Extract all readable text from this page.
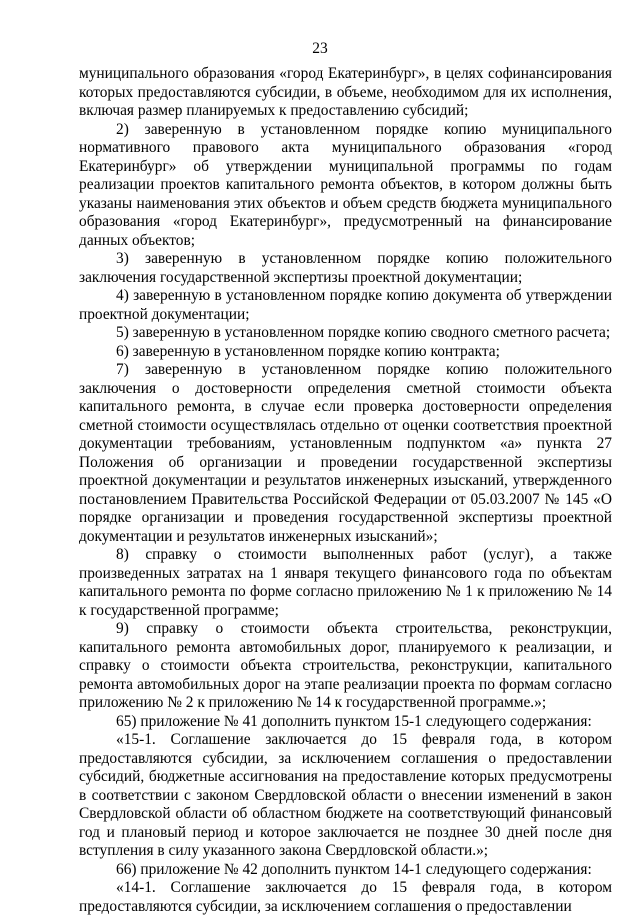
23

муниципального образования «город Екатеринбург», в целях софинансирования которых предоставляются субсидии, в объеме, необходимом для их исполнения, включая размер планируемых к предоставлению субсидий;

2) заверенную в установленном порядке копию муниципального нормативного правового акта муниципального образования «город Екатеринбург» об утверждении муниципальной программы по годам реализации проектов капитального ремонта объектов, в котором должны быть указаны наименования этих объектов и объем средств бюджета муниципального образования «город Екатеринбург», предусмотренный на финансирование данных объектов;

3) заверенную в установленном порядке копию положительного заключения государственной экспертизы проектной документации;

4) заверенную в установленном порядке копию документа об утверждении проектной документации;

5) заверенную в установленном порядке копию сводного сметного расчета;

6) заверенную в установленном порядке копию контракта;

7) заверенную в установленном порядке копию положительного заключения о достоверности определения сметной стоимости объекта капитального ремонта, в случае если проверка достоверности определения сметной стоимости осуществлялась отдельно от оценки соответствия проектной документации требованиям, установленным подпунктом «а» пункта 27 Положения об организации и проведении государственной экспертизы проектной документации и результатов инженерных изысканий, утвержденного постановлением Правительства Российской Федерации от 05.03.2007 № 145 «О порядке организации и проведения государственной экспертизы проектной документации и результатов инженерных изысканий»;

8) справку о стоимости выполненных работ (услуг), а также произведенных затратах на 1 января текущего финансового года по объектам капитального ремонта по форме согласно приложению № 1 к приложению № 14 к государственной программе;

9) справку о стоимости объекта строительства, реконструкции, капитального ремонта автомобильных дорог, планируемого к реализации, и справку о стоимости объекта строительства, реконструкции, капитального ремонта автомобильных дорог на этапе реализации проекта по формам согласно приложению № 2 к приложению № 14 к государственной программе.»;

65) приложение № 41 дополнить пунктом 15-1 следующего содержания:

«15-1. Соглашение заключается до 15 февраля года, в котором предоставляются субсидии, за исключением соглашения о предоставлении субсидий, бюджетные ассигнования на предоставление которых предусмотрены в соответствии с законом Свердловской области о внесении изменений в закон Свердловской области об областном бюджете на соответствующий финансовый год и плановый период и которое заключается не позднее 30 дней после дня вступления в силу указанного закона Свердловской области.»;

66) приложение № 42 дополнить пунктом 14-1 следующего содержания:

«14-1. Соглашение заключается до 15 февраля года, в котором предоставляются субсидии, за исключением соглашения о предоставлении
